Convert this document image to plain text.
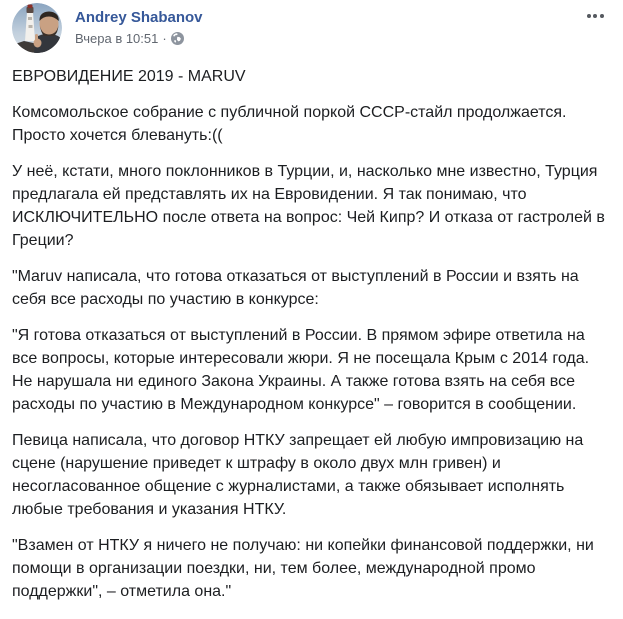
Andrey Shabanov
Вчера в 10:51 ·

ЕВРОВИДЕНИЕ 2019 - MARUV

Комсомольское собрание с публичной поркой СССР-стайл продолжается. Просто хочется блевануть:((

У неё, кстати, много поклонников в Турции, и, насколько мне известно, Турция предлагала ей представлять их на Евровидении. Я так понимаю, что ИСКЛЮЧИТЕЛЬНО после ответа на вопрос: Чей Кипр? И отказа от гастролей в Греции?

"Maruv написала, что готова отказаться от выступлений в России и взять на себя все расходы по участию в конкурсе:

"Я готова отказаться от выступлений в России. В прямом эфире ответила на все вопросы, которые интересовали жюри. Я не посещала Крым с 2014 года. Не нарушала ни единого Закона Украины. А также готова взять на себя все расходы по участию в Международном конкурсе" – говорится в сообщении.

Певица написала, что договор НТКУ запрещает ей любую импровизацию на сцене (нарушение приведет к штрафу в около двух млн гривен) и несогласованное общение с журналистами, а также обязывает исполнять любые требования и указания НТКУ.

"Взамен от НТКУ я ничего не получаю: ни копейки финансовой поддержки, ни помощи в организации поездки, ни, тем более, международной промо поддержки", – отметила она."
